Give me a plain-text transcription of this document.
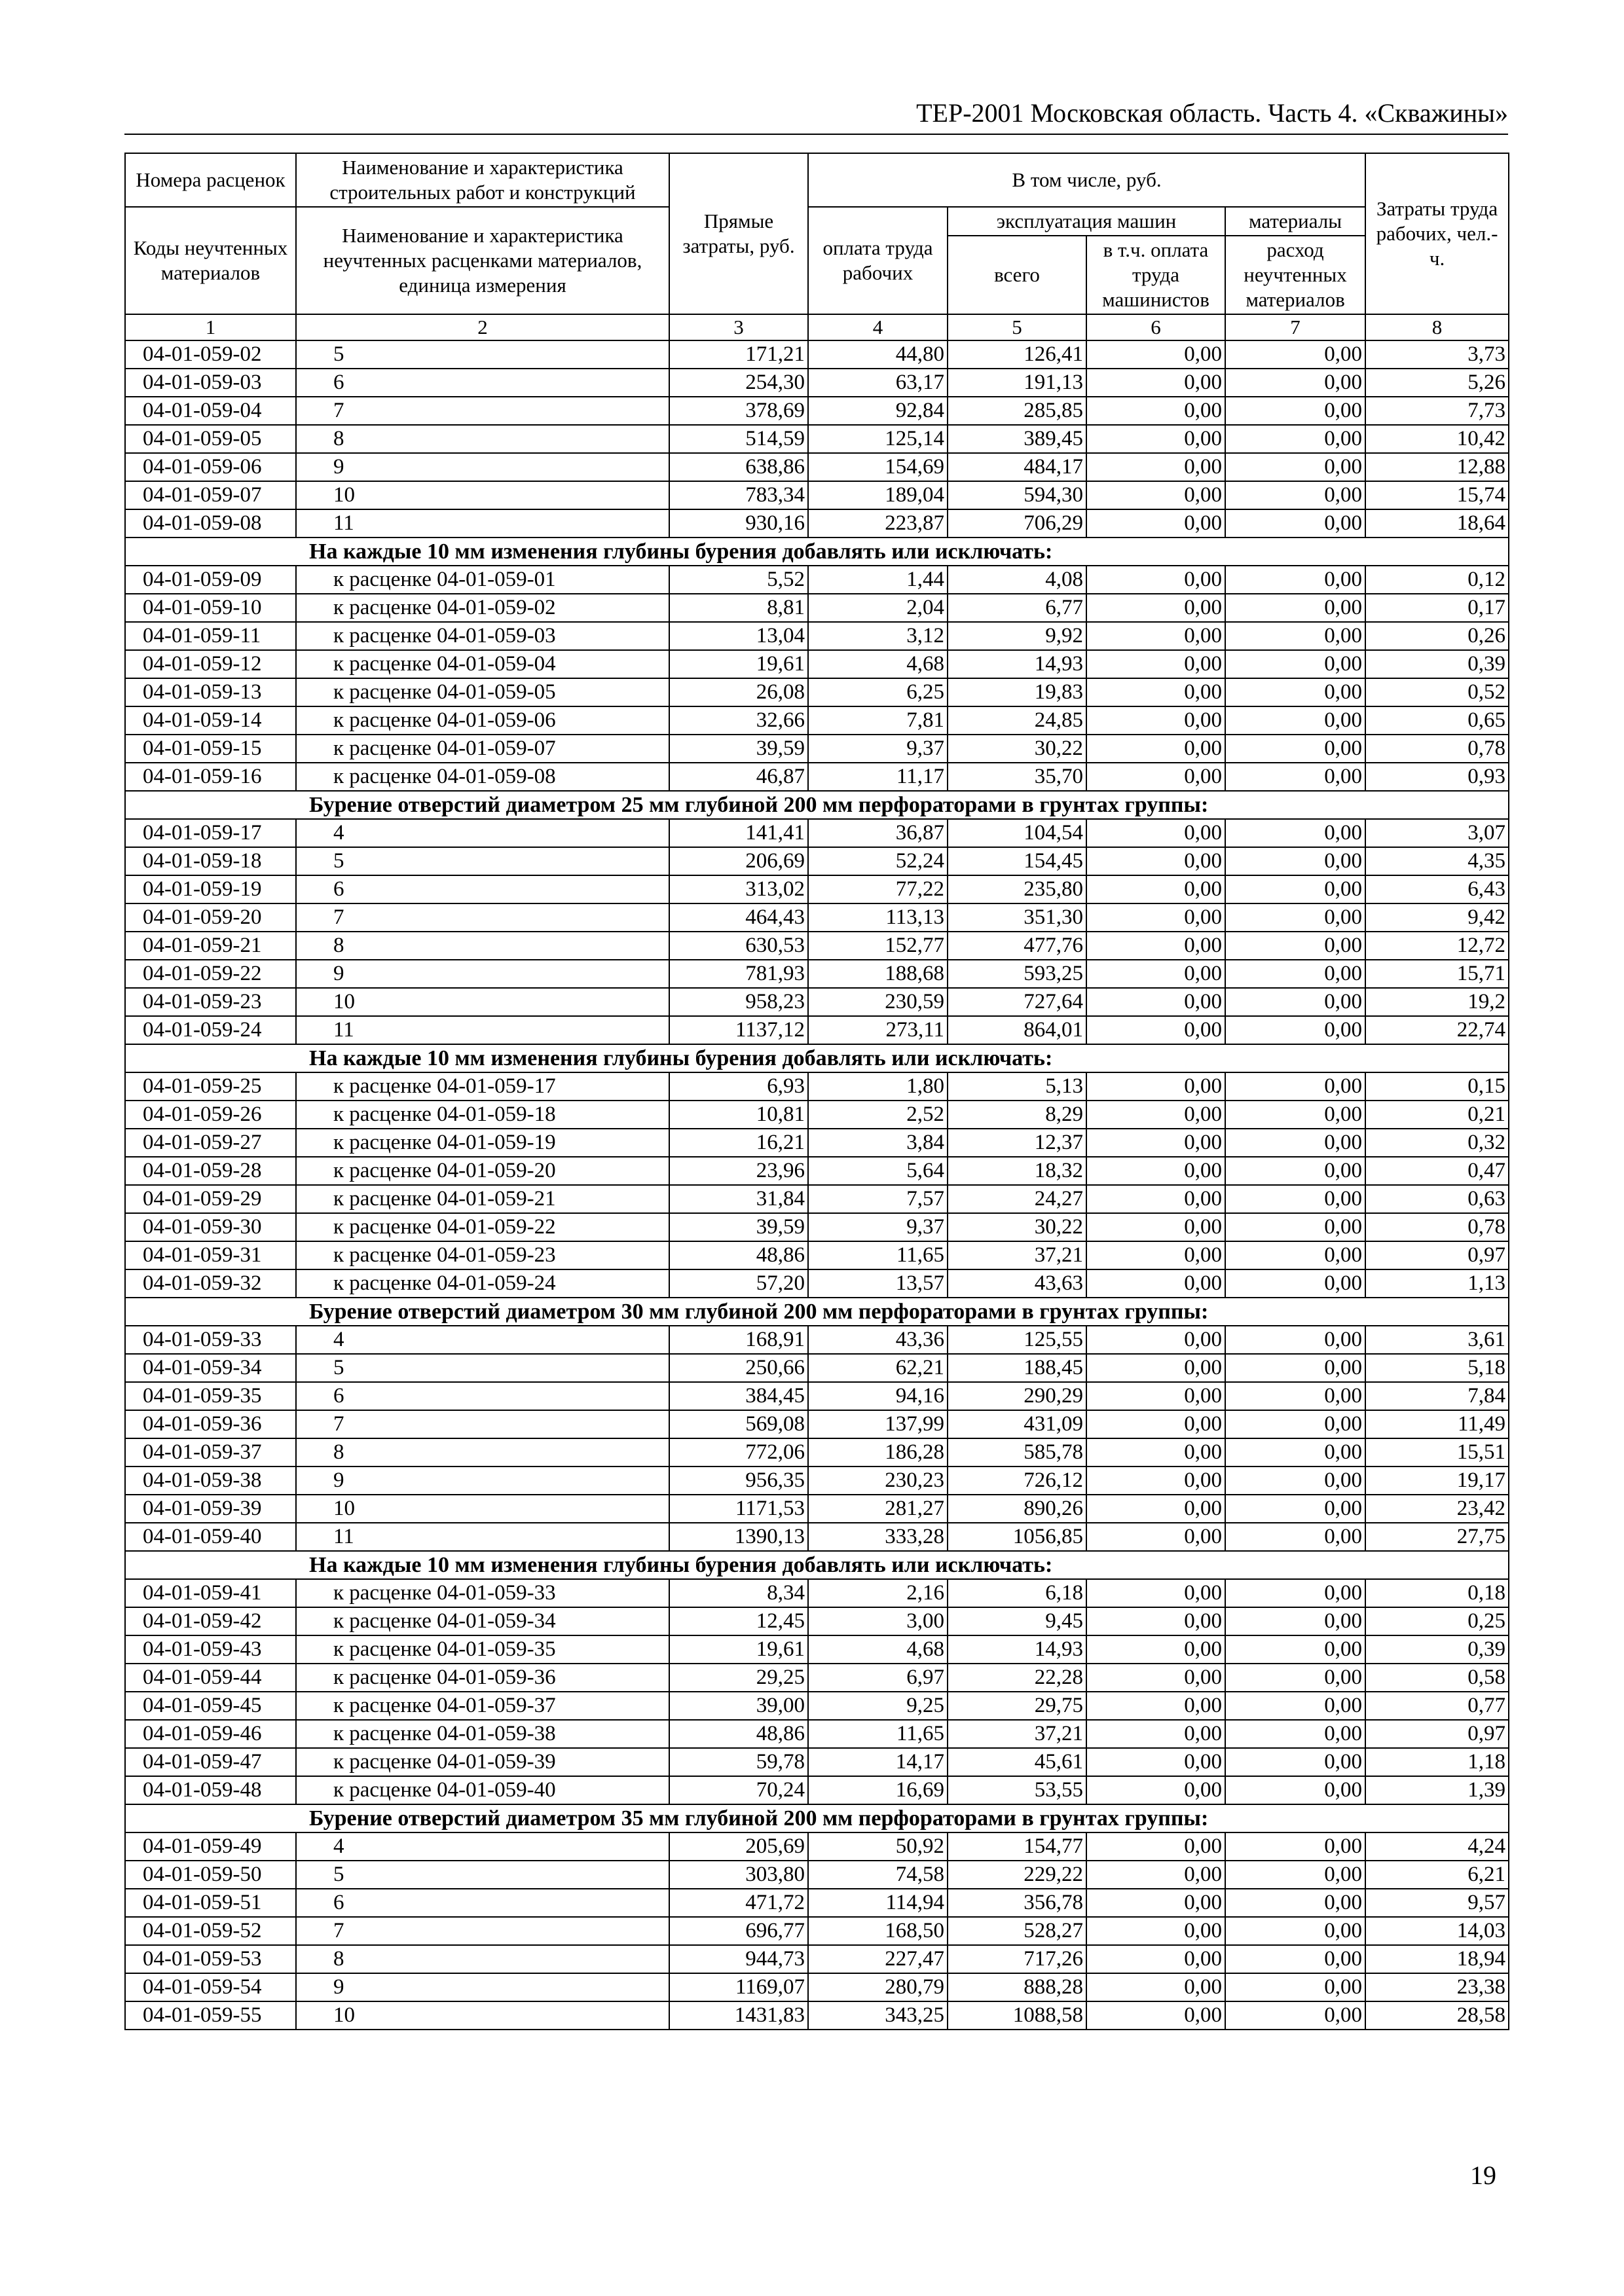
ТЕР-2001 Московская область. Часть 4. «Скважины»
Номера расценок	Наименование и характеристика строительных работ и конструкций	Прямые затраты, руб.	В том числе, руб.				Затраты труда рабочих, чел.-ч.
Коды неучтенных материалов	Наименование и характеристика неучтенных расценками материалов, единица измерения		оплата труда рабочих	эксплуатация машин		материалы	
				всего	в т.ч. оплата труда машинистов	расход неучтенных материалов	
1	2	3	4	5	6	7	8
04-01-059-02	5	171,21	44,80	126,41	0,00	0,00	3,73
04-01-059-03	6	254,30	63,17	191,13	0,00	0,00	5,26
04-01-059-04	7	378,69	92,84	285,85	0,00	0,00	7,73
04-01-059-05	8	514,59	125,14	389,45	0,00	0,00	10,42
04-01-059-06	9	638,86	154,69	484,17	0,00	0,00	12,88
04-01-059-07	10	783,34	189,04	594,30	0,00	0,00	15,74
04-01-059-08	11	930,16	223,87	706,29	0,00	0,00	18,64
На каждые 10 мм изменения глубины бурения добавлять или исключать:							
04-01-059-09	к расценке 04-01-059-01	5,52	1,44	4,08	0,00	0,00	0,12
04-01-059-10	к расценке 04-01-059-02	8,81	2,04	6,77	0,00	0,00	0,17
04-01-059-11	к расценке 04-01-059-03	13,04	3,12	9,92	0,00	0,00	0,26
04-01-059-12	к расценке 04-01-059-04	19,61	4,68	14,93	0,00	0,00	0,39
04-01-059-13	к расценке 04-01-059-05	26,08	6,25	19,83	0,00	0,00	0,52
04-01-059-14	к расценке 04-01-059-06	32,66	7,81	24,85	0,00	0,00	0,65
04-01-059-15	к расценке 04-01-059-07	39,59	9,37	30,22	0,00	0,00	0,78
04-01-059-16	к расценке 04-01-059-08	46,87	11,17	35,70	0,00	0,00	0,93
Бурение отверстий диаметром 25 мм глубиной 200 мм перфораторами в грунтах группы:							
04-01-059-17	4	141,41	36,87	104,54	0,00	0,00	3,07
04-01-059-18	5	206,69	52,24	154,45	0,00	0,00	4,35
04-01-059-19	6	313,02	77,22	235,80	0,00	0,00	6,43
04-01-059-20	7	464,43	113,13	351,30	0,00	0,00	9,42
04-01-059-21	8	630,53	152,77	477,76	0,00	0,00	12,72
04-01-059-22	9	781,93	188,68	593,25	0,00	0,00	15,71
04-01-059-23	10	958,23	230,59	727,64	0,00	0,00	19,2
04-01-059-24	11	1137,12	273,11	864,01	0,00	0,00	22,74
На каждые 10 мм изменения глубины бурения добавлять или исключать:							
04-01-059-25	к расценке 04-01-059-17	6,93	1,80	5,13	0,00	0,00	0,15
04-01-059-26	к расценке 04-01-059-18	10,81	2,52	8,29	0,00	0,00	0,21
04-01-059-27	к расценке 04-01-059-19	16,21	3,84	12,37	0,00	0,00	0,32
04-01-059-28	к расценке 04-01-059-20	23,96	5,64	18,32	0,00	0,00	0,47
04-01-059-29	к расценке 04-01-059-21	31,84	7,57	24,27	0,00	0,00	0,63
04-01-059-30	к расценке 04-01-059-22	39,59	9,37	30,22	0,00	0,00	0,78
04-01-059-31	к расценке 04-01-059-23	48,86	11,65	37,21	0,00	0,00	0,97
04-01-059-32	к расценке 04-01-059-24	57,20	13,57	43,63	0,00	0,00	1,13
Бурение отверстий диаметром 30 мм глубиной 200 мм перфораторами в грунтах группы:							
04-01-059-33	4	168,91	43,36	125,55	0,00	0,00	3,61
04-01-059-34	5	250,66	62,21	188,45	0,00	0,00	5,18
04-01-059-35	6	384,45	94,16	290,29	0,00	0,00	7,84
04-01-059-36	7	569,08	137,99	431,09	0,00	0,00	11,49
04-01-059-37	8	772,06	186,28	585,78	0,00	0,00	15,51
04-01-059-38	9	956,35	230,23	726,12	0,00	0,00	19,17
04-01-059-39	10	1171,53	281,27	890,26	0,00	0,00	23,42
04-01-059-40	11	1390,13	333,28	1056,85	0,00	0,00	27,75
На каждые 10 мм изменения глубины бурения добавлять или исключать:							
04-01-059-41	к расценке 04-01-059-33	8,34	2,16	6,18	0,00	0,00	0,18
04-01-059-42	к расценке 04-01-059-34	12,45	3,00	9,45	0,00	0,00	0,25
04-01-059-43	к расценке 04-01-059-35	19,61	4,68	14,93	0,00	0,00	0,39
04-01-059-44	к расценке 04-01-059-36	29,25	6,97	22,28	0,00	0,00	0,58
04-01-059-45	к расценке 04-01-059-37	39,00	9,25	29,75	0,00	0,00	0,77
04-01-059-46	к расценке 04-01-059-38	48,86	11,65	37,21	0,00	0,00	0,97
04-01-059-47	к расценке 04-01-059-39	59,78	14,17	45,61	0,00	0,00	1,18
04-01-059-48	к расценке 04-01-059-40	70,24	16,69	53,55	0,00	0,00	1,39
Бурение отверстий диаметром 35 мм глубиной 200 мм перфораторами в грунтах группы:							
04-01-059-49	4	205,69	50,92	154,77	0,00	0,00	4,24
04-01-059-50	5	303,80	74,58	229,22	0,00	0,00	6,21
04-01-059-51	6	471,72	114,94	356,78	0,00	0,00	9,57
04-01-059-52	7	696,77	168,50	528,27	0,00	0,00	14,03
04-01-059-53	8	944,73	227,47	717,26	0,00	0,00	18,94
04-01-059-54	9	1169,07	280,79	888,28	0,00	0,00	23,38
04-01-059-55	10	1431,83	343,25	1088,58	0,00	0,00	28,58
19
